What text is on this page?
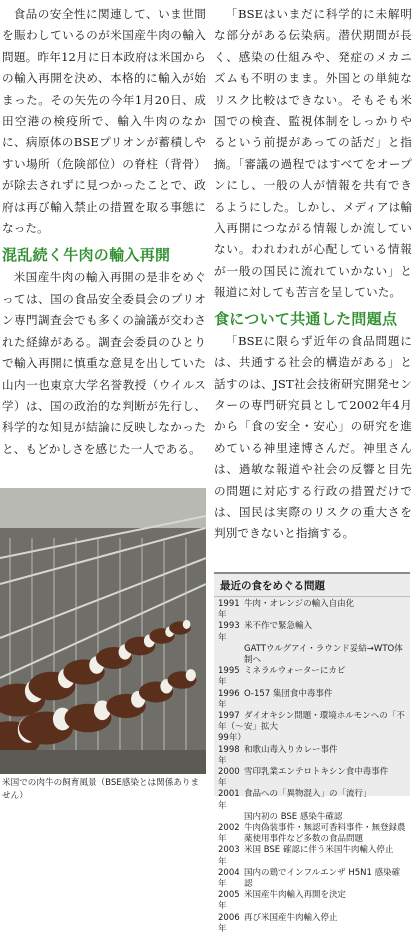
食品の安全性に関連して、いま世間を賑わしているのが米国産牛肉の輸入問題。昨年12月に日本政府は米国からの輸入再開を決め、本格的に輸入が始まった。その矢先の今年1月20日、成田空港の検疫所で、輸入牛肉のなかに、病原体のBSEプリオンが蓄積しやすい場所（危険部位）の脊柱（背骨）が除去されずに見つかったことで、政府は再び輸入禁止の措置を取る事態になった。

混乱続く牛肉の輸入再開

米国産牛肉の輸入再開の是非をめぐっては、国の食品安全委員会のプリオン専門調査会でも多くの論議が交わされた経緯がある。調査会委員のひとりで輸入再開に慎重な意見を出していた山内一也東京大学名誉教授（ウイルス学）は、国の政治的な判断が先行し、科学的な知見が結論に反映しなかったと、もどかしさを感じた一人である。

米国での肉牛の飼育風景（BSE感染とは関係ありません）

「BSEはいまだに科学的に未解明な部分がある伝染病。潜伏期間が長く、感染の仕組みや、発症のメカニズムも不明のまま。外国との単純なリスク比較はできない。そもそも米国での検査、監視体制をしっかりやるという前提があっての話だ」と指摘。「審議の過程ではすべてをオープンにし、一般の人が情報を共有できるようにした。しかし、メディアは輸入再開につながる情報しか流していない。われわれが心配している情報が一般の国民に流れていかない」と報道に対しても苦言を呈していた。

食について共通した問題点

「BSEに限らず近年の食品問題には、共通する社会的構造がある」と話すのは、JST社会技術研究開発センターの専門研究員として2002年4月から「食の安全・安心」の研究を進めている神里達博さんだ。神里さんは、過敏な報道や社会の反響と目先の問題に対応する行政の措置だけでは、国民は実際のリスクの重大さを判別できないと指摘する。

最近の食をめぐる問題
1991年
牛肉・オレンジの輸入自由化
1993年
米不作で緊急輸入
GATTウルグアイ・ラウンド妥結→WTO体制へ
1995年
ミネラルウォーターにカビ
1996年
O-157 集団食中毒事件
1997年（～99年）
ダイオキシン問題・環境ホルモンへの「不安」拡大
1998年
和歌山毒入りカレー事件
2000年
雪印乳業エンテロトキシン食中毒事件
2001年
食品への「異物混入」の「流行」
国内初の BSE 感染牛確認
2002年
牛肉偽装事件・無認可香料事件・無登録農薬使用事件など多数の食品問題
2003年
米国 BSE 確認に伴う米国牛肉輸入停止
2004年
国内の鶏でインフルエンザ H5N1 感染確認
2005年
米国産牛肉輸入再開を決定
2006年
再び米国産牛肉輸入停止
